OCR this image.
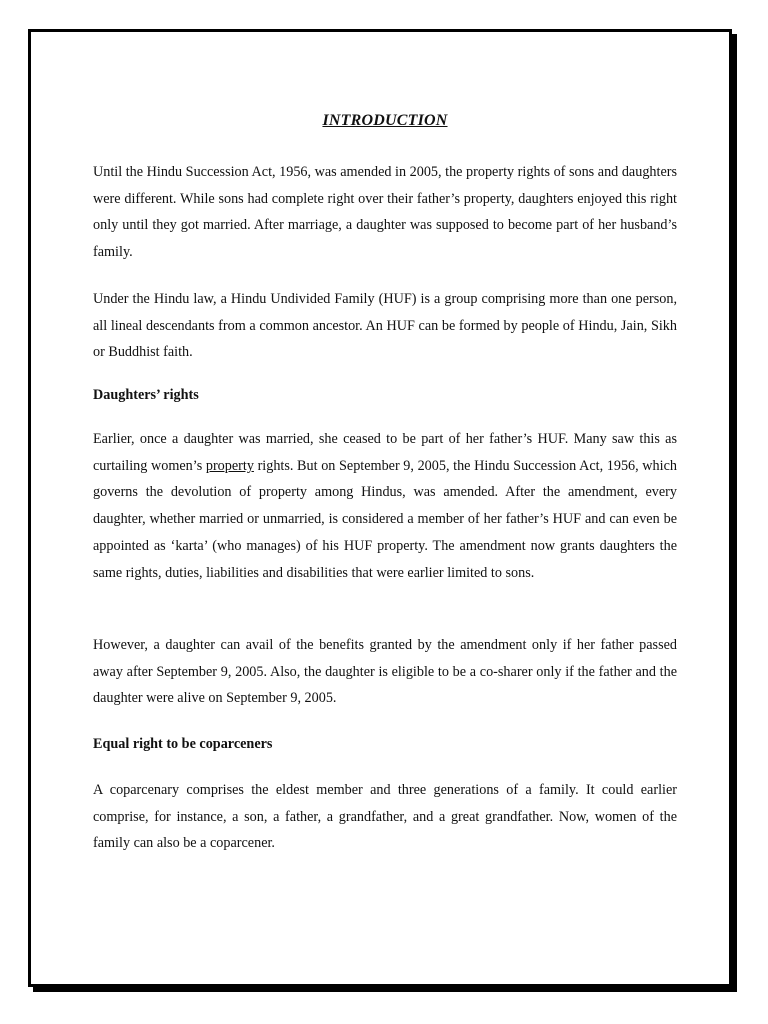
INTRODUCTION

Until the Hindu Succession Act, 1956, was amended in 2005, the property rights of sons and daughters were different. While sons had complete right over their father’s property, daughters enjoyed this right only until they got married. After marriage, a daughter was supposed to become part of her husband’s family.

Under the Hindu law, a Hindu Undivided Family (HUF) is a group comprising more than one person, all lineal descendants from a common ancestor. An HUF can be formed by people of Hindu, Jain, Sikh or Buddhist faith.

Daughters’ rights

Earlier, once a daughter was married, she ceased to be part of her father’s HUF. Many saw this as curtailing women’s property rights. But on September 9, 2005, the Hindu Succession Act, 1956, which governs the devolution of property among Hindus, was amended. After the amendment, every daughter, whether married or unmarried, is considered a member of her father’s HUF and can even be appointed as ‘karta’ (who manages) of his HUF property. The amendment now grants daughters the same rights, duties, liabilities and disabilities that were earlier limited to sons.

However, a daughter can avail of the benefits granted by the amendment only if her father passed away after September 9, 2005. Also, the daughter is eligible to be a co-sharer only if the father and the daughter were alive on September 9, 2005.

Equal right to be coparceners

A coparcenary comprises the eldest member and three generations of a family. It could earlier comprise, for instance, a son, a father, a grandfather, and a great grandfather. Now, women of the family can also be a coparcener.
